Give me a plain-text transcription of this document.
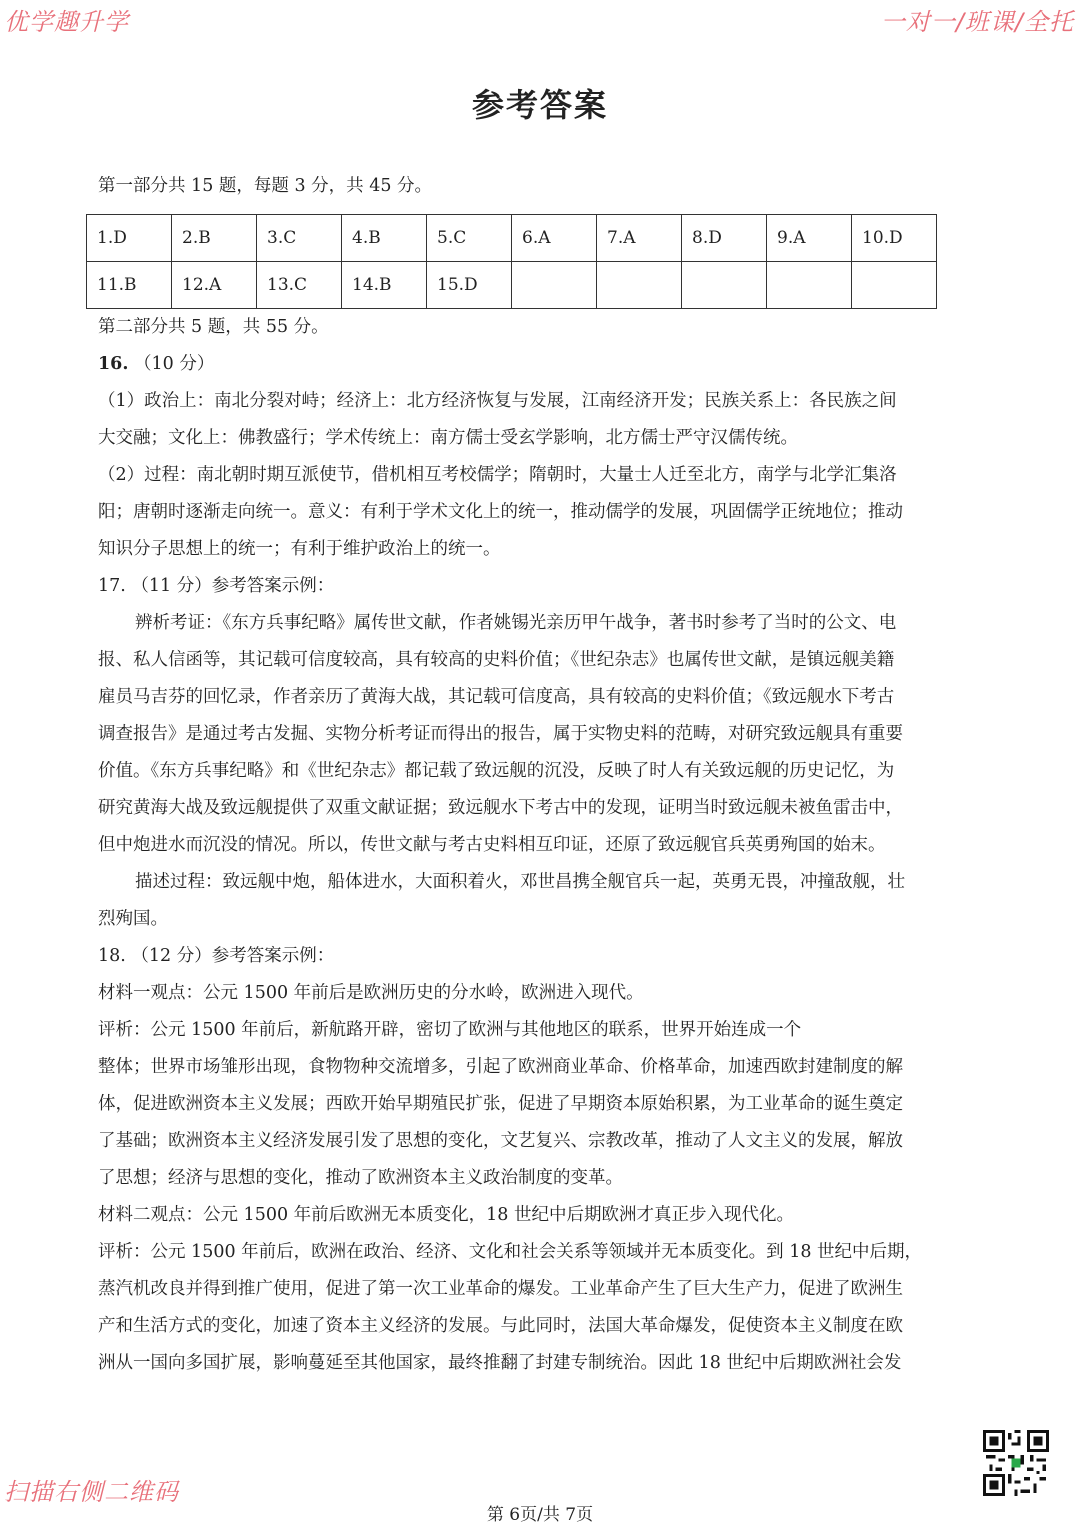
优学趣升学	一对一/班课/全托
参考答案
第一部分共 15 题，每题 3 分，共 45 分。
1.D	2.B	3.C	4.B	5.C	6.A	7.A	8.D	9.A	10.D
11.B	12.A	13.C	14.B	15.D					
第二部分共 5 题，共 55 分。
16. （10 分）
（1）政治上：南北分裂对峙；经济上：北方经济恢复与发展，江南经济开发；民族关系上：各民族之间
大交融；文化上：佛教盛行；学术传统上：南方儒士受玄学影响，北方儒士严守汉儒传统。
（2）过程：南北朝时期互派使节，借机相互考校儒学；隋朝时，大量士人迁至北方，南学与北学汇集洛
阳；唐朝时逐渐走向统一。意义：有利于学术文化上的统一，推动儒学的发展，巩固儒学正统地位；推动
知识分子思想上的统一；有利于维护政治上的统一。
17. （11 分）参考答案示例：
辨析考证：《东方兵事纪略》属传世文献，作者姚锡光亲历甲午战争，著书时参考了当时的公文、电
报、私人信函等，其记载可信度较高，具有较高的史料价值；《世纪杂志》也属传世文献，是镇远舰美籍
雇员马吉芬的回忆录，作者亲历了黄海大战，其记载可信度高，具有较高的史料价值；《致远舰水下考古
调查报告》是通过考古发掘、实物分析考证而得出的报告，属于实物史料的范畴，对研究致远舰具有重要
价值。《东方兵事纪略》和《世纪杂志》都记载了致远舰的沉没，反映了时人有关致远舰的历史记忆，为
研究黄海大战及致远舰提供了双重文献证据；致远舰水下考古中的发现，证明当时致远舰未被鱼雷击中，
但中炮进水而沉没的情况。所以，传世文献与考古史料相互印证，还原了致远舰官兵英勇殉国的始末。
描述过程：致远舰中炮，船体进水，大面积着火，邓世昌携全舰官兵一起，英勇无畏，冲撞敌舰，壮
烈殉国。
18. （12 分）参考答案示例：
材料一观点：公元 1500 年前后是欧洲历史的分水岭，欧洲进入现代。
评析：公元 1500 年前后，新航路开辟，密切了欧洲与其他地区的联系，世界开始连成一个
整体；世界市场雏形出现，食物物种交流增多，引起了欧洲商业革命、价格革命，加速西欧封建制度的解
体，促进欧洲资本主义发展；西欧开始早期殖民扩张，促进了早期资本原始积累，为工业革命的诞生奠定
了基础；欧洲资本主义经济发展引发了思想的变化，文艺复兴、宗教改革，推动了人文主义的发展，解放
了思想；经济与思想的变化，推动了欧洲资本主义政治制度的变革。
材料二观点：公元 1500 年前后欧洲无本质变化，18 世纪中后期欧洲才真正步入现代化。
评析：公元 1500 年前后，欧洲在政治、经济、文化和社会关系等领域并无本质变化。到 18 世纪中后期，
蒸汽机改良并得到推广使用，促进了第一次工业革命的爆发。工业革命产生了巨大生产力，促进了欧洲生
产和生活方式的变化，加速了资本主义经济的发展。与此同时，法国大革命爆发，促使资本主义制度在欧
洲从一国向多国扩展，影响蔓延至其他国家，最终推翻了封建专制统治。因此 18 世纪中后期欧洲社会发
扫描右侧二维码
第 6页/共 7页
